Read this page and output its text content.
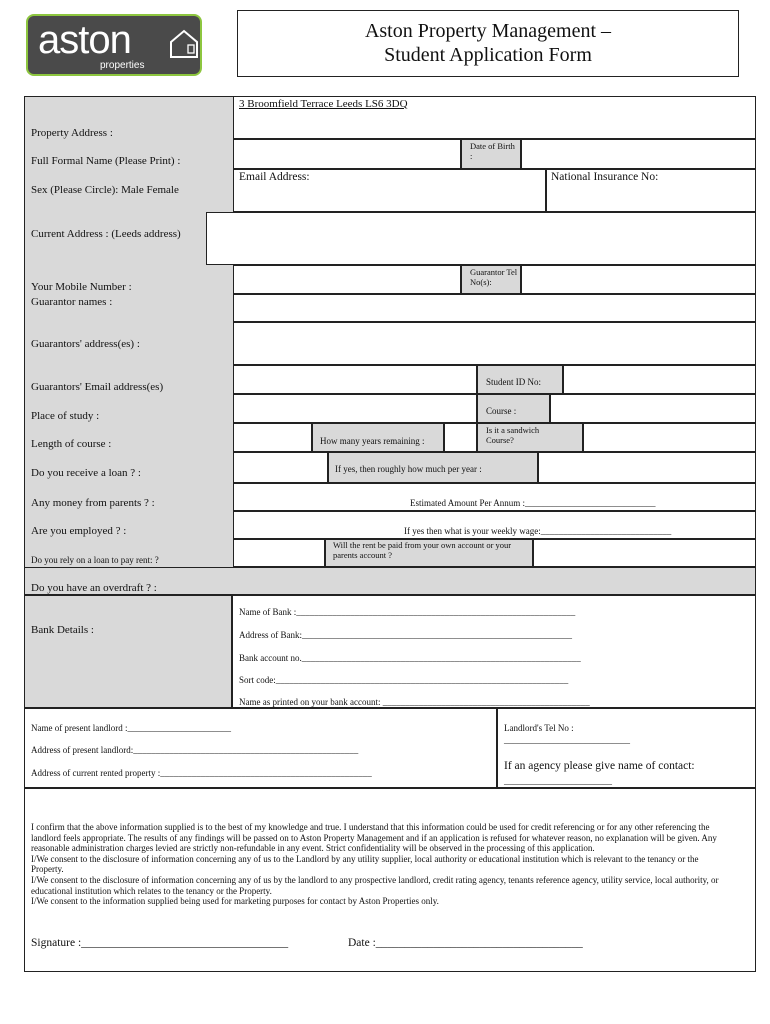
aston
properties
Aston Property Management –
Student Application Form
3 Broomfield Terrace Leeds LS6 3DQ
Date of Birth :
Email Address:	National Insurance No:
Guarantor Tel No(s):
Student ID No:
Course :
How many years remaining :
Is it a sandwich Course?
If yes, then roughly how much per year :
Estimated Amount Per Annum :_____________________________
If yes then what is your weekly wage:_____________________________
Will the rent be paid from your own account or your parents account ?
Name of Bank :______________________________________________________________
Address of Bank:____________________________________________________________
Bank account no.______________________________________________________________
Sort code:_________________________________________________________________
Name as printed on your bank account: ______________________________________________
Property Address :
Full Formal Name (Please Print) :
Sex (Please Circle): Male Female
Current Address : (Leeds address)
Your Mobile Number :
Guarantor names :
Guarantors' address(es) :
Guarantors' Email address(es)
Place of study :
Length of course :
Do you receive a loan ? :
Any money from parents ? :
Are you employed ? :
Do you rely on a loan to pay rent: ?
Do you have an overdraft ? :
Bank Details :
Name of present landlord :_______________________
Address of present landlord:__________________________________________________
Address of current rented property :_______________________________________________
Landlord's Tel No :
____________________________
If an agency please give name of contact:
________________________

I confirm that the above information supplied is to the best of my knowledge and true. I understand that this information could be used for credit referencing or for any other referencing the landlord feels appropriate. The results of any findings will be passed on to Aston Property Management and if an application is refused for whatever reason, no explanation will be given. Any reasonable administration charges levied are strictly non-refundable in any event. Strict confidentiality will be observed in the processing of this application.

I/We consent to the disclosure of information concerning any of us to the Landlord by any utility supplier, local authority or educational institution which is relevant to the tenancy or the Property.

I/We consent to the disclosure of information concerning any of us by the landlord to any prospective landlord, credit rating agency, tenants reference agency, utility service, local authority, or educational institution which relates to the tenancy or the Property.

I/We consent to the information supplied being used for marketing purposes for contact by Aston Properties only.

Signature :____________________________________	Date :____________________________________
